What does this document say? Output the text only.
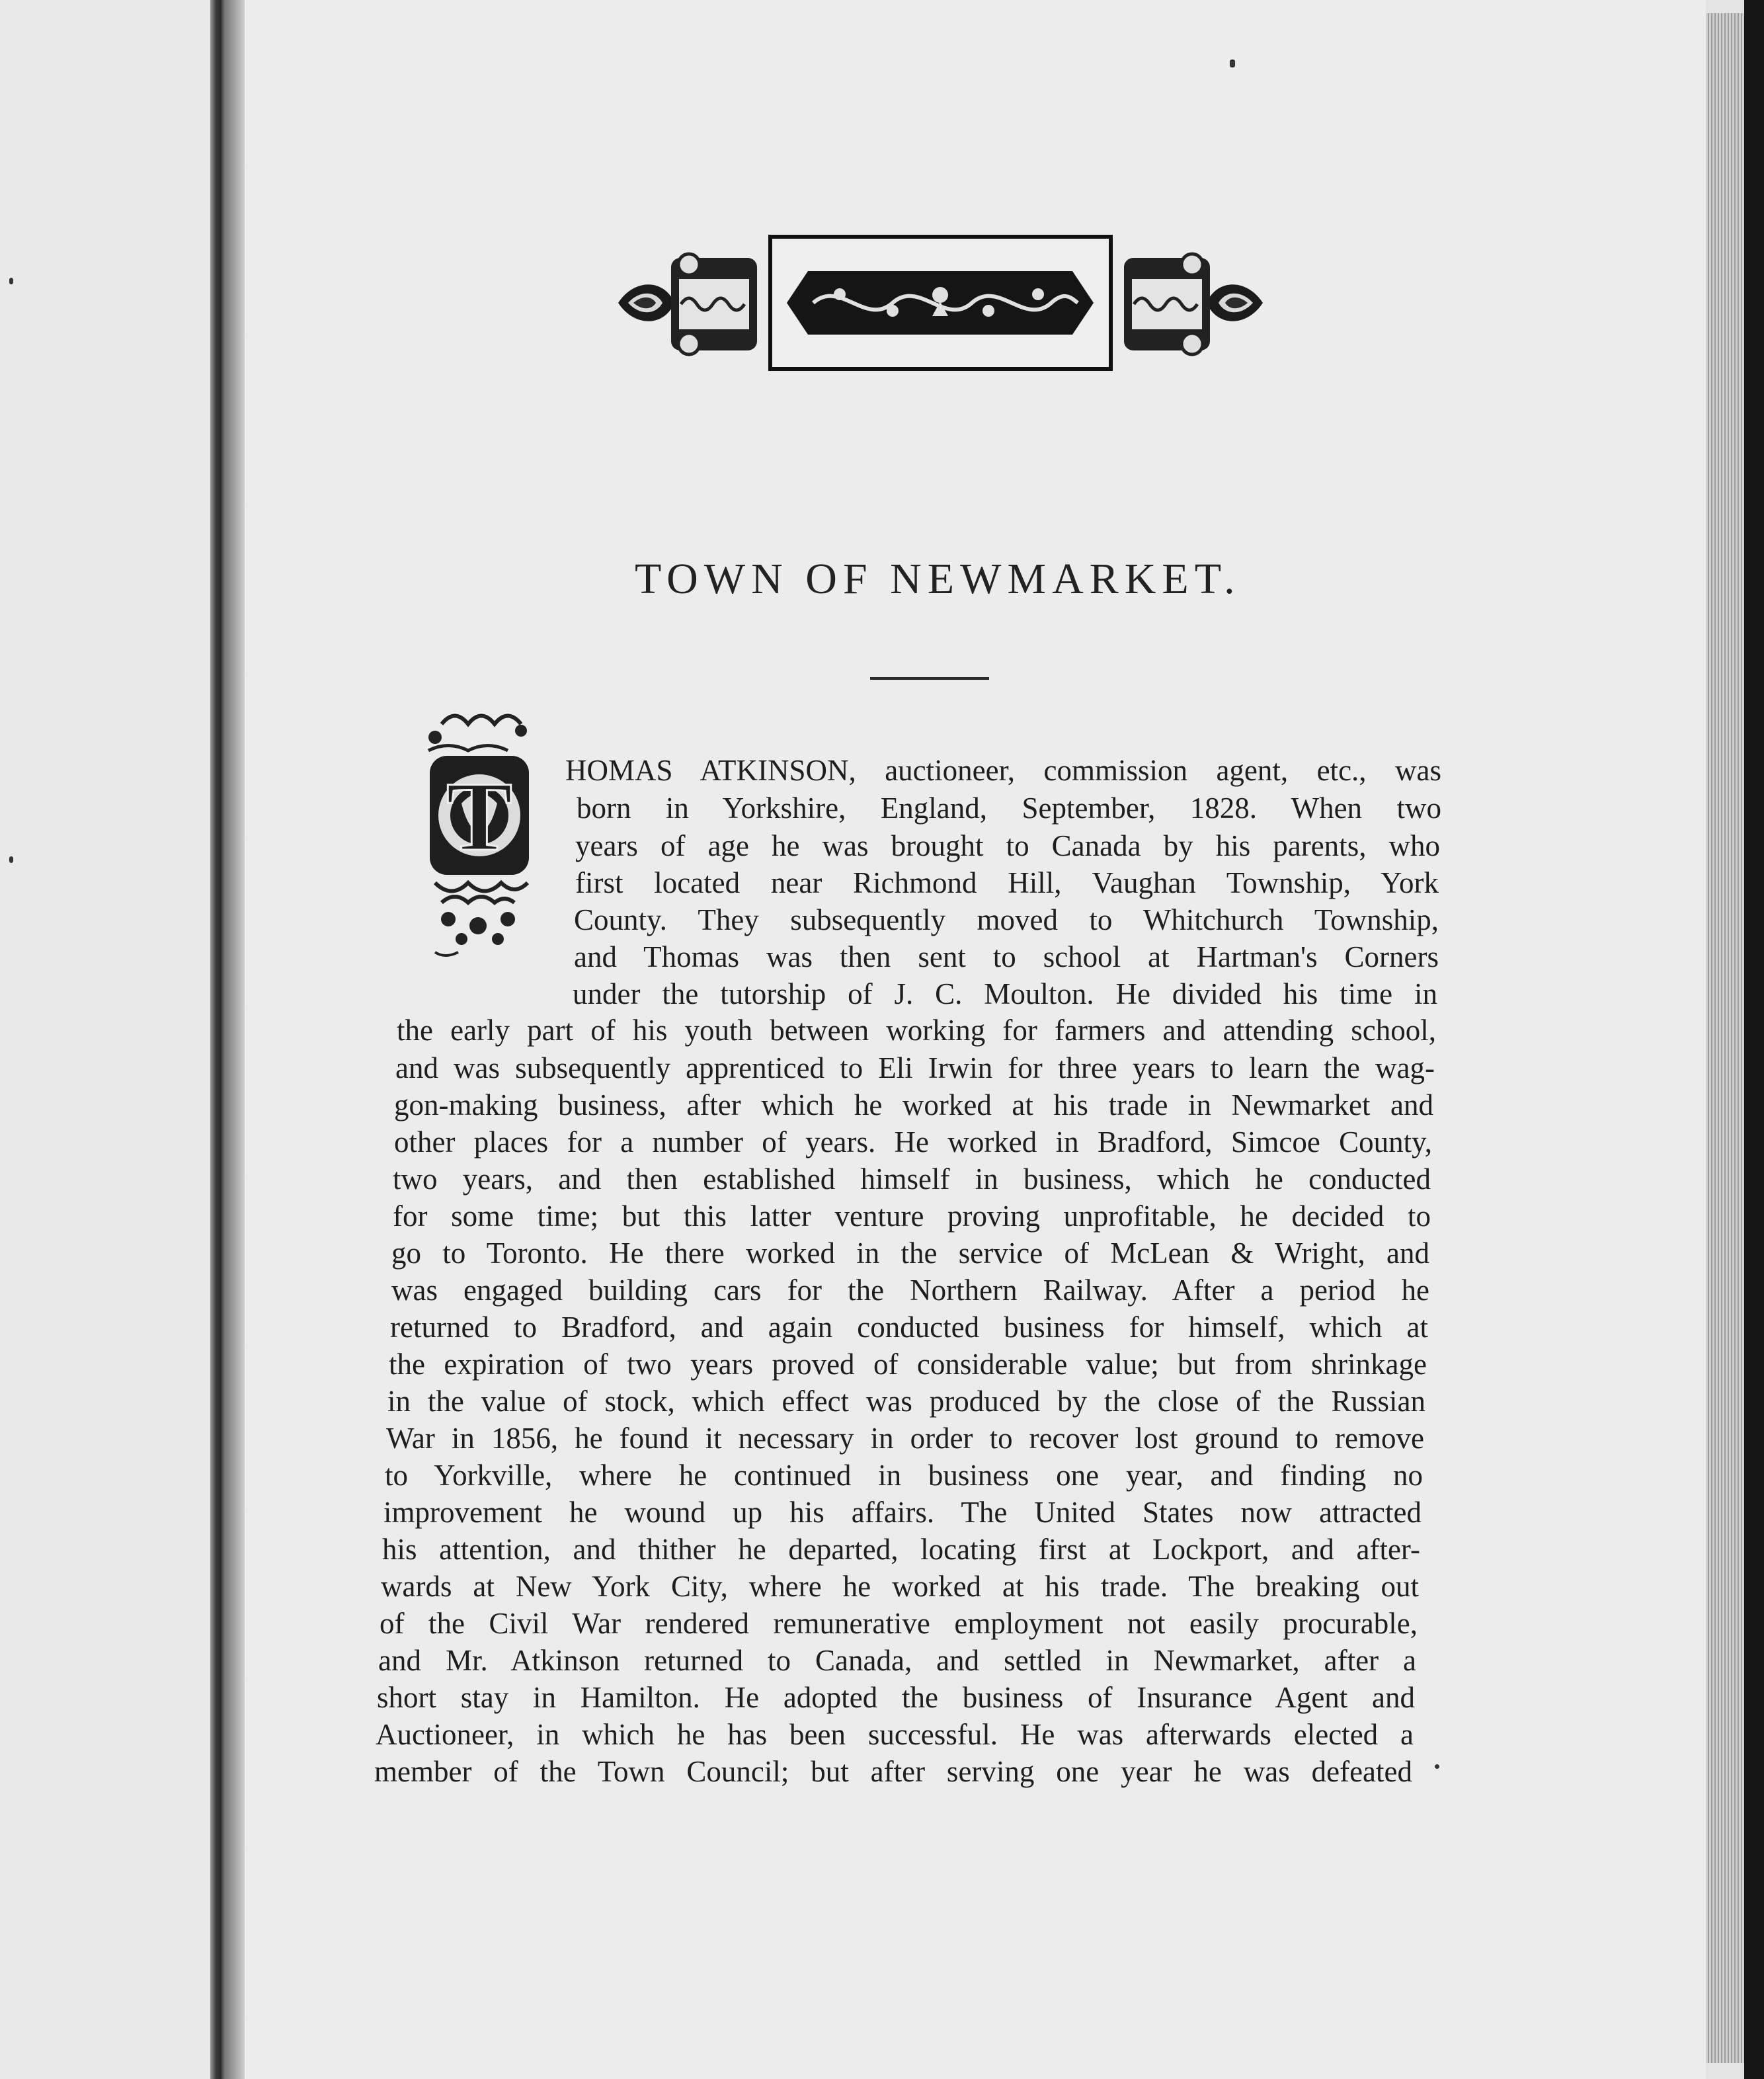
TOWN OF NEWMARKET.
T HOMAS ATKINSON, auctioneer, commission agent, etc., was
born in Yorkshire, England, September, 1828. When two
years of age he was brought to Canada by his parents, who
first located near Richmond Hill, Vaughan Township, York
County. They subsequently moved to Whitchurch Township,
and Thomas was then sent to school at Hartman's Corners
under the tutorship of J. C. Moulton. He divided his time in
the early part of his youth between working for farmers and attending school,
and was subsequently apprenticed to Eli Irwin for three years to learn the wag-
gon-making business, after which he worked at his trade in Newmarket and
other places for a number of years. He worked in Bradford, Simcoe County,
two years, and then established himself in business, which he conducted
for some time; but this latter venture proving unprofitable, he decided to
go to Toronto. He there worked in the service of McLean & Wright, and
was engaged building cars for the Northern Railway. After a period he
returned to Bradford, and again conducted business for himself, which at
the expiration of two years proved of considerable value; but from shrinkage
in the value of stock, which effect was produced by the close of the Russian
War in 1856, he found it necessary in order to recover lost ground to remove
to Yorkville, where he continued in business one year, and finding no
improvement he wound up his affairs. The United States now attracted
his attention, and thither he departed, locating first at Lockport, and after-
wards at New York City, where he worked at his trade. The breaking out
of the Civil War rendered remunerative employment not easily procurable,
and Mr. Atkinson returned to Canada, and settled in Newmarket, after a
short stay in Hamilton. He adopted the business of Insurance Agent and
Auctioneer, in which he has been successful. He was afterwards elected a
member of the Town Council; but after serving one year he was defeated
